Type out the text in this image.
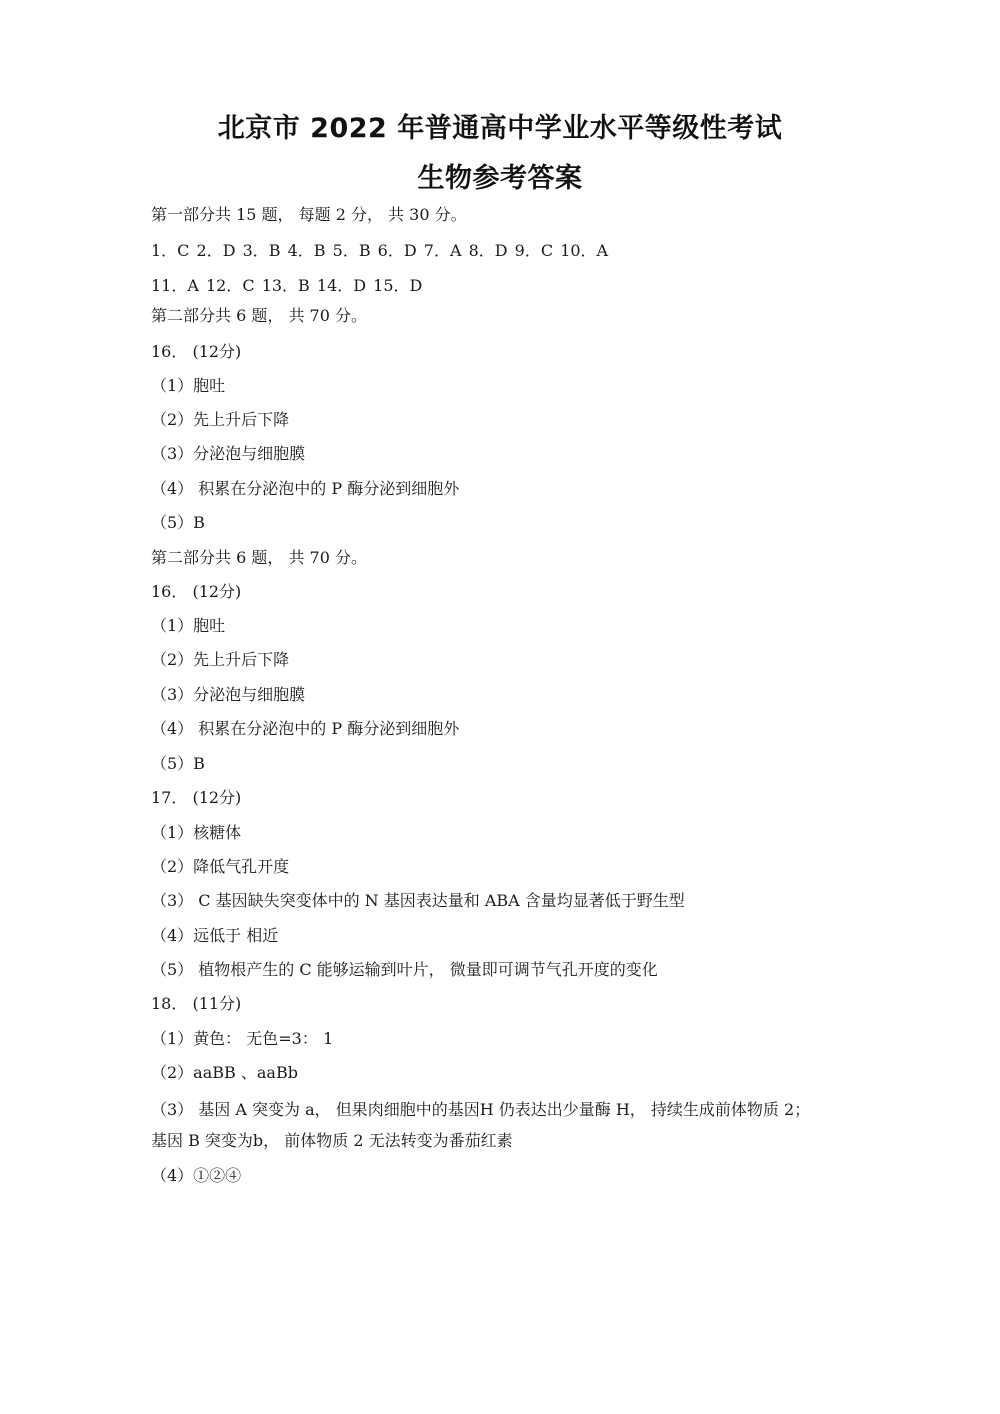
北京市 2022 年普通高中学业水平等级性考试
生物参考答案
第一部分共 15 题， 每题 2 分， 共 30 分。
1．C 2．D 3．B 4．B 5．B 6．D 7．A 8．D 9．C 10．A
11．A 12．C 13．B 14．D 15．D
第二部分共 6 题， 共 70 分。
16． (12分)
（1）胞吐
（2）先上升后下降
（3）分泌泡与细胞膜
（4） 积累在分泌泡中的 P 酶分泌到细胞外
（5）B
第二部分共 6 题， 共 70 分。
16． (12分)
（1）胞吐
（2）先上升后下降
（3）分泌泡与细胞膜
（4） 积累在分泌泡中的 P 酶分泌到细胞外
（5）B
17． (12分)
（1）核糖体
（2）降低气孔开度
（3） C 基因缺失突变体中的 N 基因表达量和 ABA 含量均显著低于野生型
（4）远低于 相近
（5） 植物根产生的 C 能够运输到叶片， 微量即可调节气孔开度的变化
18． (11分)
（1）黄色： 无色=3： 1
（2）aaBB 、aaBb
（3） 基因 A 突变为 a， 但果肉细胞中的基因H 仍表达出少量酶 H， 持续生成前体物质 2；
基因 B 突变为b， 前体物质 2 无法转变为番茄红素
（4）①②④
